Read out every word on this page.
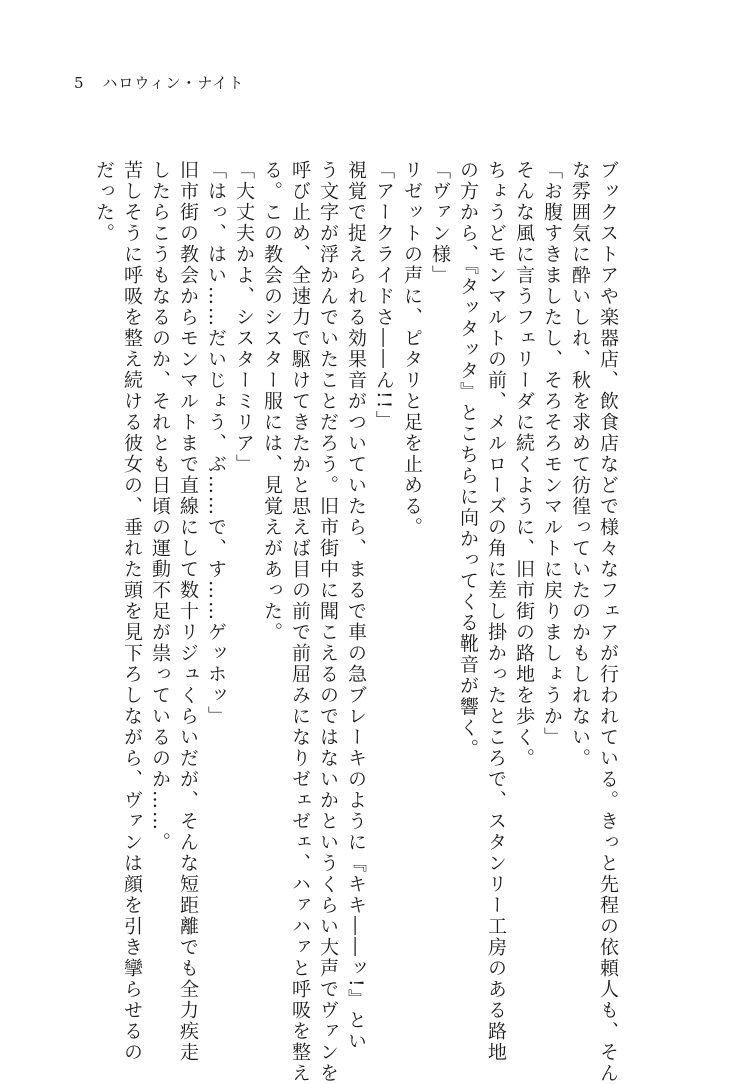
5 ハロウィン・ナイト

ブックストアや楽器店、飲食店などで様々なフェアが行われている。きっと先程の依頼人も、そん

な雰囲気に酔いしれ、秋を求めて彷徨っていたのかもしれない。

「お腹すきましたし、そろそろモンマルトに戻りましょうか」

そんな風に言うフェリーダに続くように、旧市街の路地を歩く。

ちょうどモンマルトの前、メルローズの角に差し掛かったところで、スタンリー工房のある路地

の方から、『タッタッタ』とこちらに向かってくる靴音が響く。

「ヴァン様」

リゼットの声に、ピタリと足を止める。

「アークライドさ――ん!!」

視覚で捉えられる効果音がついていたら、まるで車の急ブレーキのように『キキ――ッ!』とい

う文字が浮かんでいたことだろう。旧市街中に聞こえるのではないかというくらい大声でヴァンを

呼び止め、全速力で駆けてきたかと思えば目の前で前屈みになりゼェゼェ、ハァハァと呼吸を整え

る。この教会のシスター服には、見覚えがあった。

「大丈夫かよ、シスターミリア」

「はっ、はい……だいじょう、ぶ……で、す……ゲッホッ」

旧市街の教会からモンマルトまで直線にして数十リジュくらいだが、そんな短距離でも全力疾走

したらこうもなるのか、それとも日頃の運動不足が祟っているのか……。

苦しそうに呼吸を整え続ける彼女の、垂れた頭を見下ろしながら、ヴァンは顔を引き攣らせるの

だった。
